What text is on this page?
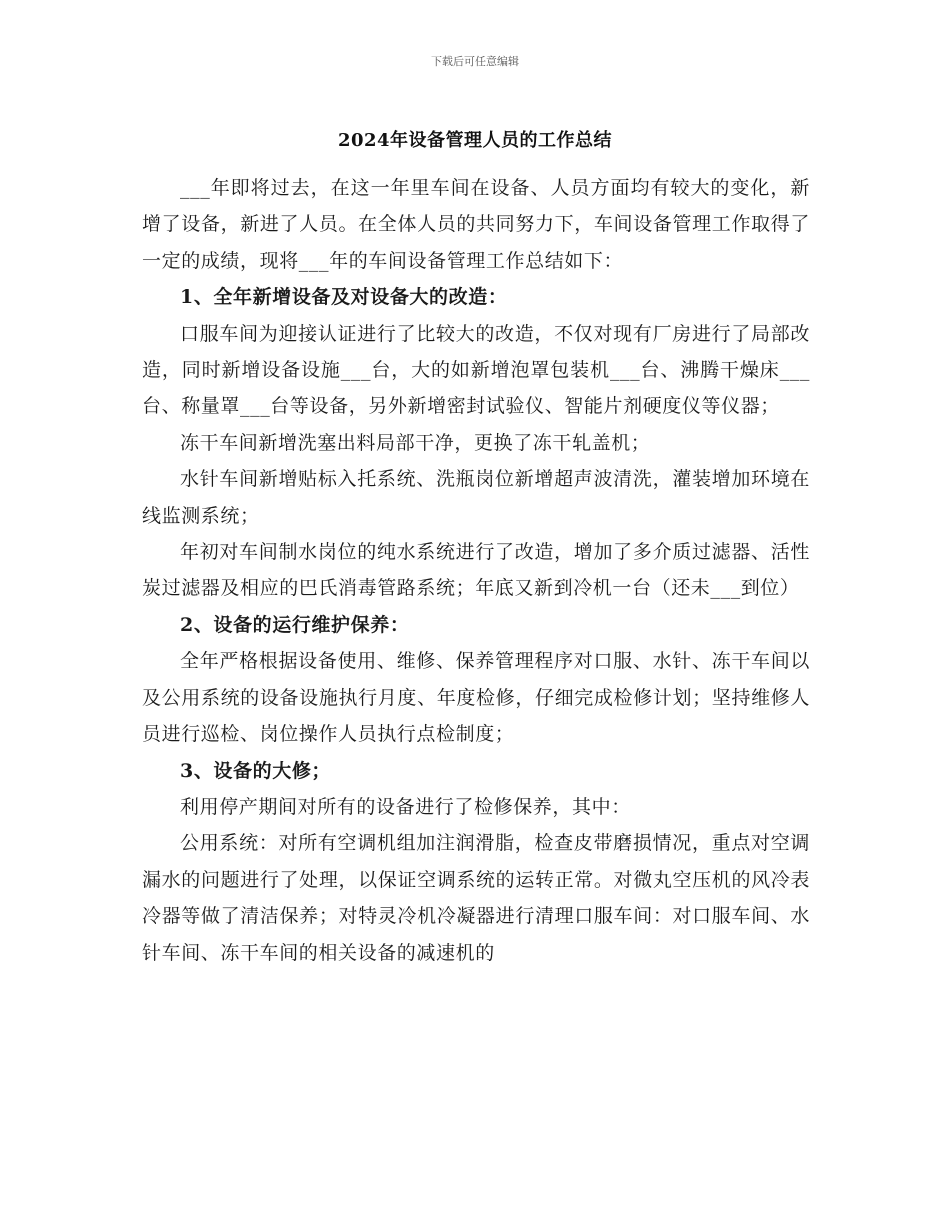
下载后可任意编辑
2024年设备管理人员的工作总结

___年即将过去，在这一年里车间在设备、人员方面均有较大的变化，新增了设备，新进了人员。在全体人员的共同努力下，车间设备管理工作取得了一定的成绩，现将___年的车间设备管理工作总结如下：

1、全年新增设备及对设备大的改造：

口服车间为迎接认证进行了比较大的改造，不仅对现有厂房进行了局部改造，同时新增设备设施___台，大的如新增泡罩包装机___台、沸腾干燥床___台、称量罩___台等设备，另外新增密封试验仪、智能片剂硬度仪等仪器；

冻干车间新增洗塞出料局部干净，更换了冻干轧盖机；

水针车间新增贴标入托系统、洗瓶岗位新增超声波清洗，灌装增加环境在线监测系统；

年初对车间制水岗位的纯水系统进行了改造，增加了多介质过滤器、活性炭过滤器及相应的巴氏消毒管路系统；年底又新到冷机一台（还未___到位）

2、设备的运行维护保养：

全年严格根据设备使用、维修、保养管理程序对口服、水针、冻干车间以及公用系统的设备设施执行月度、年度检修，仔细完成检修计划；坚持维修人员进行巡检、岗位操作人员执行点检制度；

3、设备的大修；

利用停产期间对所有的设备进行了检修保养，其中：

公用系统：对所有空调机组加注润滑脂，检查皮带磨损情况，重点对空调漏水的问题进行了处理，以保证空调系统的运转正常。对微丸空压机的风冷表冷器等做了清洁保养；对特灵冷机冷凝器进行清理口服车间：对口服车间、水针车间、冻干车间的相关设备的减速机的
